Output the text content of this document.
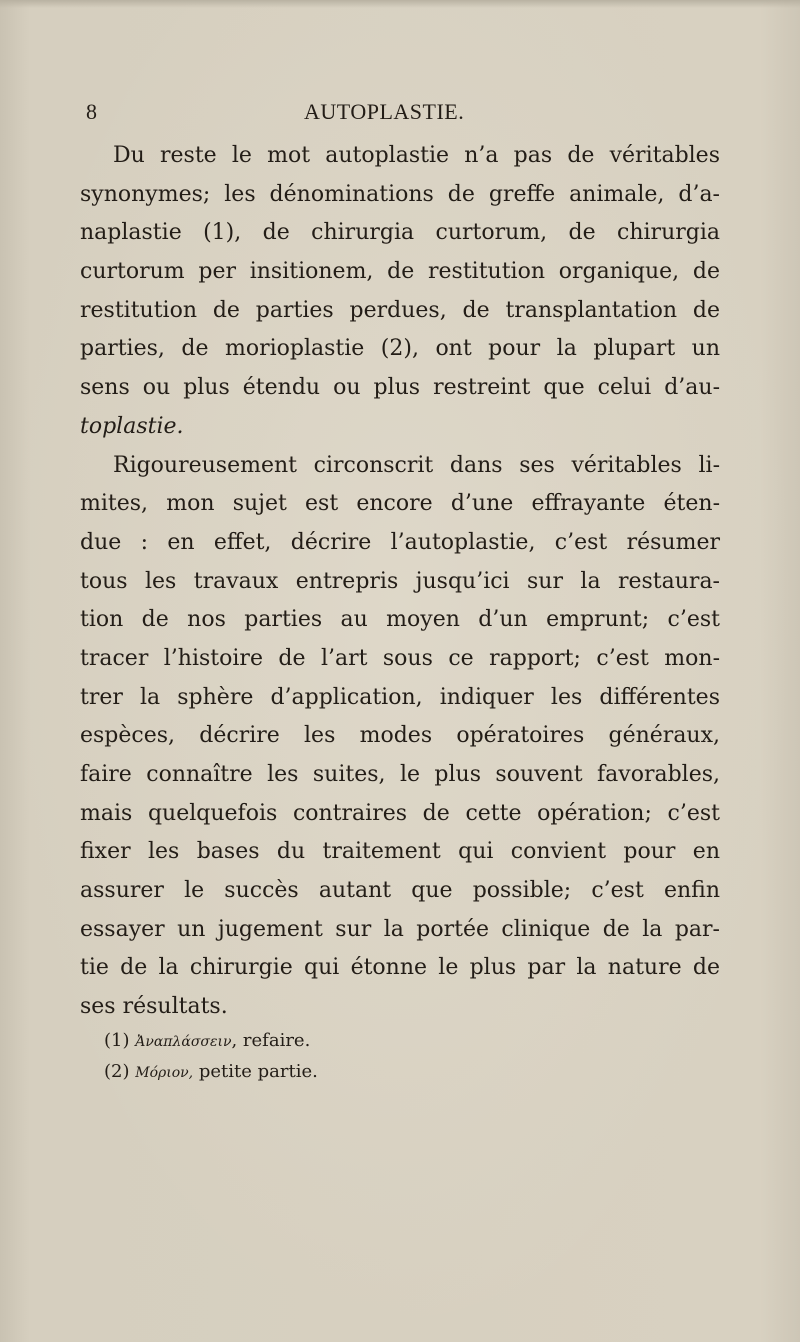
8	AUTOPLASTIE.
Du reste le mot autoplastie n’a pas de véritables
synonymes; les dénominations de greffe animale, d’a-
naplastie (1), de chirurgia curtorum, de chirurgia
curtorum per insitionem, de restitution organique, de
restitution de parties perdues, de transplantation de
parties, de morioplastie (2), ont pour la plupart un
sens ou plus étendu ou plus restreint que celui d’au-
toplastie.
Rigoureusement circonscrit dans ses véritables li-
mites, mon sujet est encore d’une effrayante éten-
due : en effet, décrire l’autoplastie, c’est résumer
tous les travaux entrepris jusqu’ici sur la restaura-
tion de nos parties au moyen d’un emprunt; c’est
tracer l’histoire de l’art sous ce rapport; c’est mon-
trer la sphère d’application, indiquer les différentes
espèces, décrire les modes opératoires généraux,
faire connaître les suites, le plus souvent favorables,
mais quelquefois contraires de cette opération; c’est
fixer les bases du traitement qui convient pour en
assurer le succès autant que possible; c’est enfin
essayer un jugement sur la portée clinique de la par-
tie de la chirurgie qui étonne le plus par la nature de
ses résultats.
(1) Ἀναπλάσσειν, refaire.
(2) Μόριον, petite partie.
